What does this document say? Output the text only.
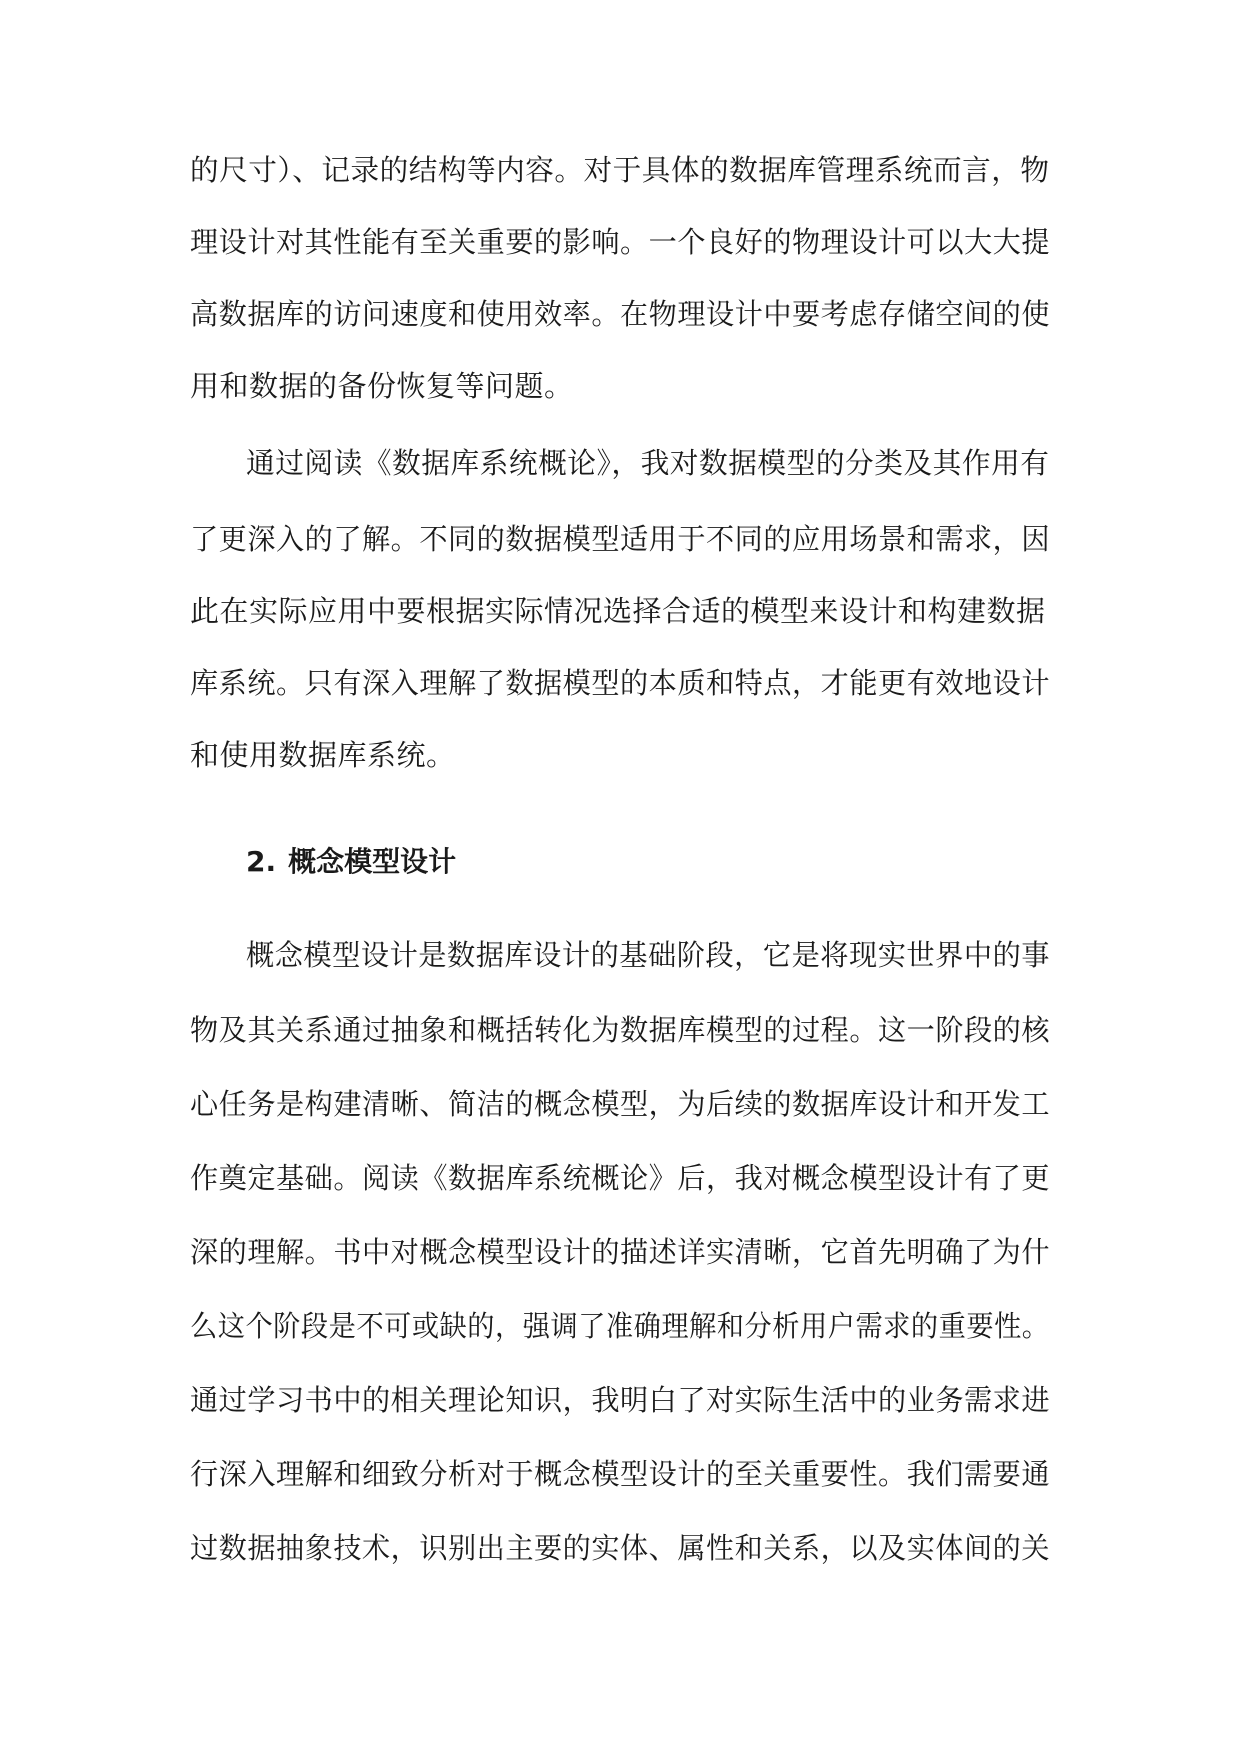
的尺寸）、记录的结构等内容。对于具体的数据库管理系统而言，物
理设计对其性能有至关重要的影响。一个良好的物理设计可以大大提
高数据库的访问速度和使用效率。在物理设计中要考虑存储空间的使
用和数据的备份恢复等问题。
通过阅读《数据库系统概论》，我对数据模型的分类及其作用有
了更深入的了解。不同的数据模型适用于不同的应用场景和需求，因
此在实际应用中要根据实际情况选择合适的模型来设计和构建数据
库系统。只有深入理解了数据模型的本质和特点，才能更有效地设计
和使用数据库系统。
2. 概念模型设计
概念模型设计是数据库设计的基础阶段，它是将现实世界中的事
物及其关系通过抽象和概括转化为数据库模型的过程。这一阶段的核
心任务是构建清晰、简洁的概念模型，为后续的数据库设计和开发工
作奠定基础。阅读《数据库系统概论》后，我对概念模型设计有了更
深的理解。书中对概念模型设计的描述详实清晰，它首先明确了为什
么这个阶段是不可或缺的，强调了准确理解和分析用户需求的重要性。
通过学习书中的相关理论知识，我明白了对实际生活中的业务需求进
行深入理解和细致分析对于概念模型设计的至关重要性。我们需要通
过数据抽象技术，识别出主要的实体、属性和关系，以及实体间的关
